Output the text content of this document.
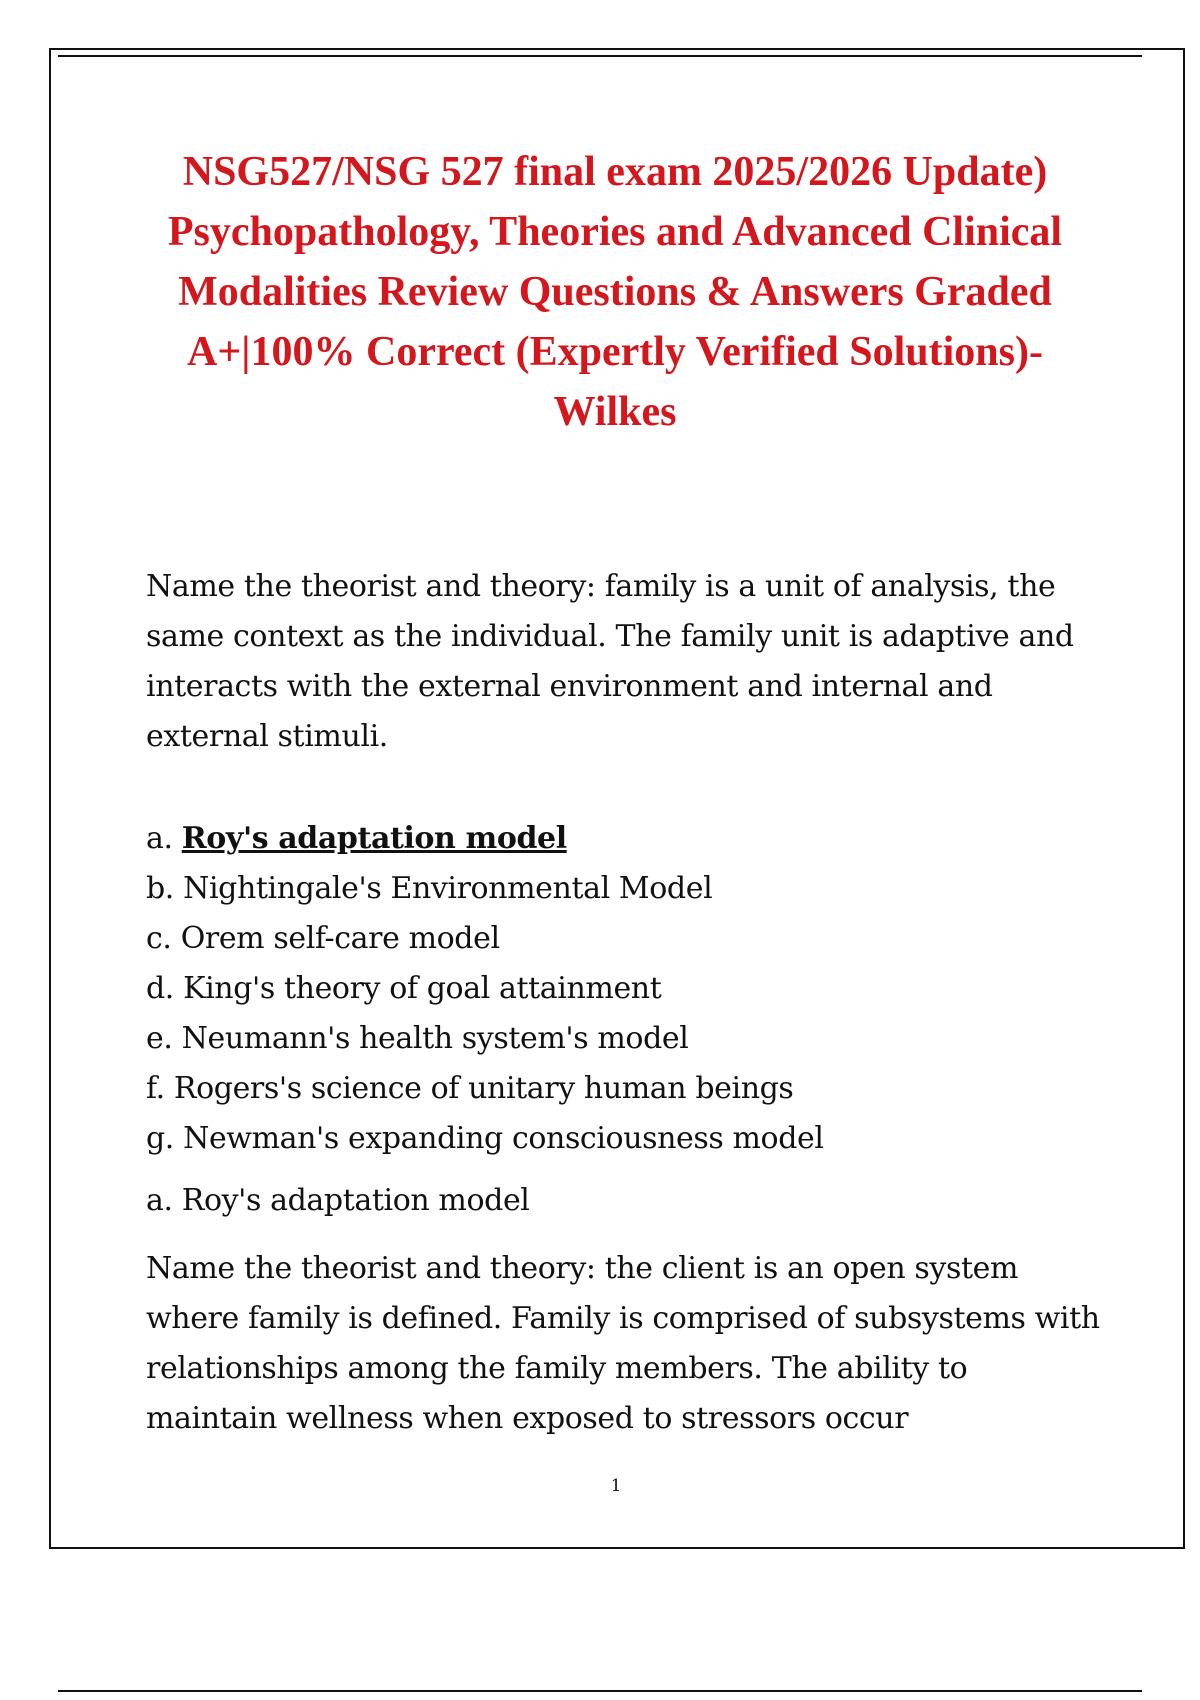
NSG527/NSG 527 final exam 2025/2026 Update) Psychopathology, Theories and Advanced Clinical Modalities Review Questions & Answers Graded A+|100% Correct (Expertly Verified Solutions)- Wilkes

Name the theorist and theory: family is a unit of analysis, the same context as the individual. The family unit is adaptive and interacts with the external environment and internal and external stimuli.

a. Roy's adaptation model
b. Nightingale's Environmental Model
c. Orem self-care model
d. King's theory of goal attainment
e. Neumann's health system's model
f. Rogers's science of unitary human beings
g. Newman's expanding consciousness model

a. Roy's adaptation model

Name the theorist and theory: the client is an open system where family is defined. Family is comprised of subsystems with relationships among the family members. The ability to maintain wellness when exposed to stressors occur

1
